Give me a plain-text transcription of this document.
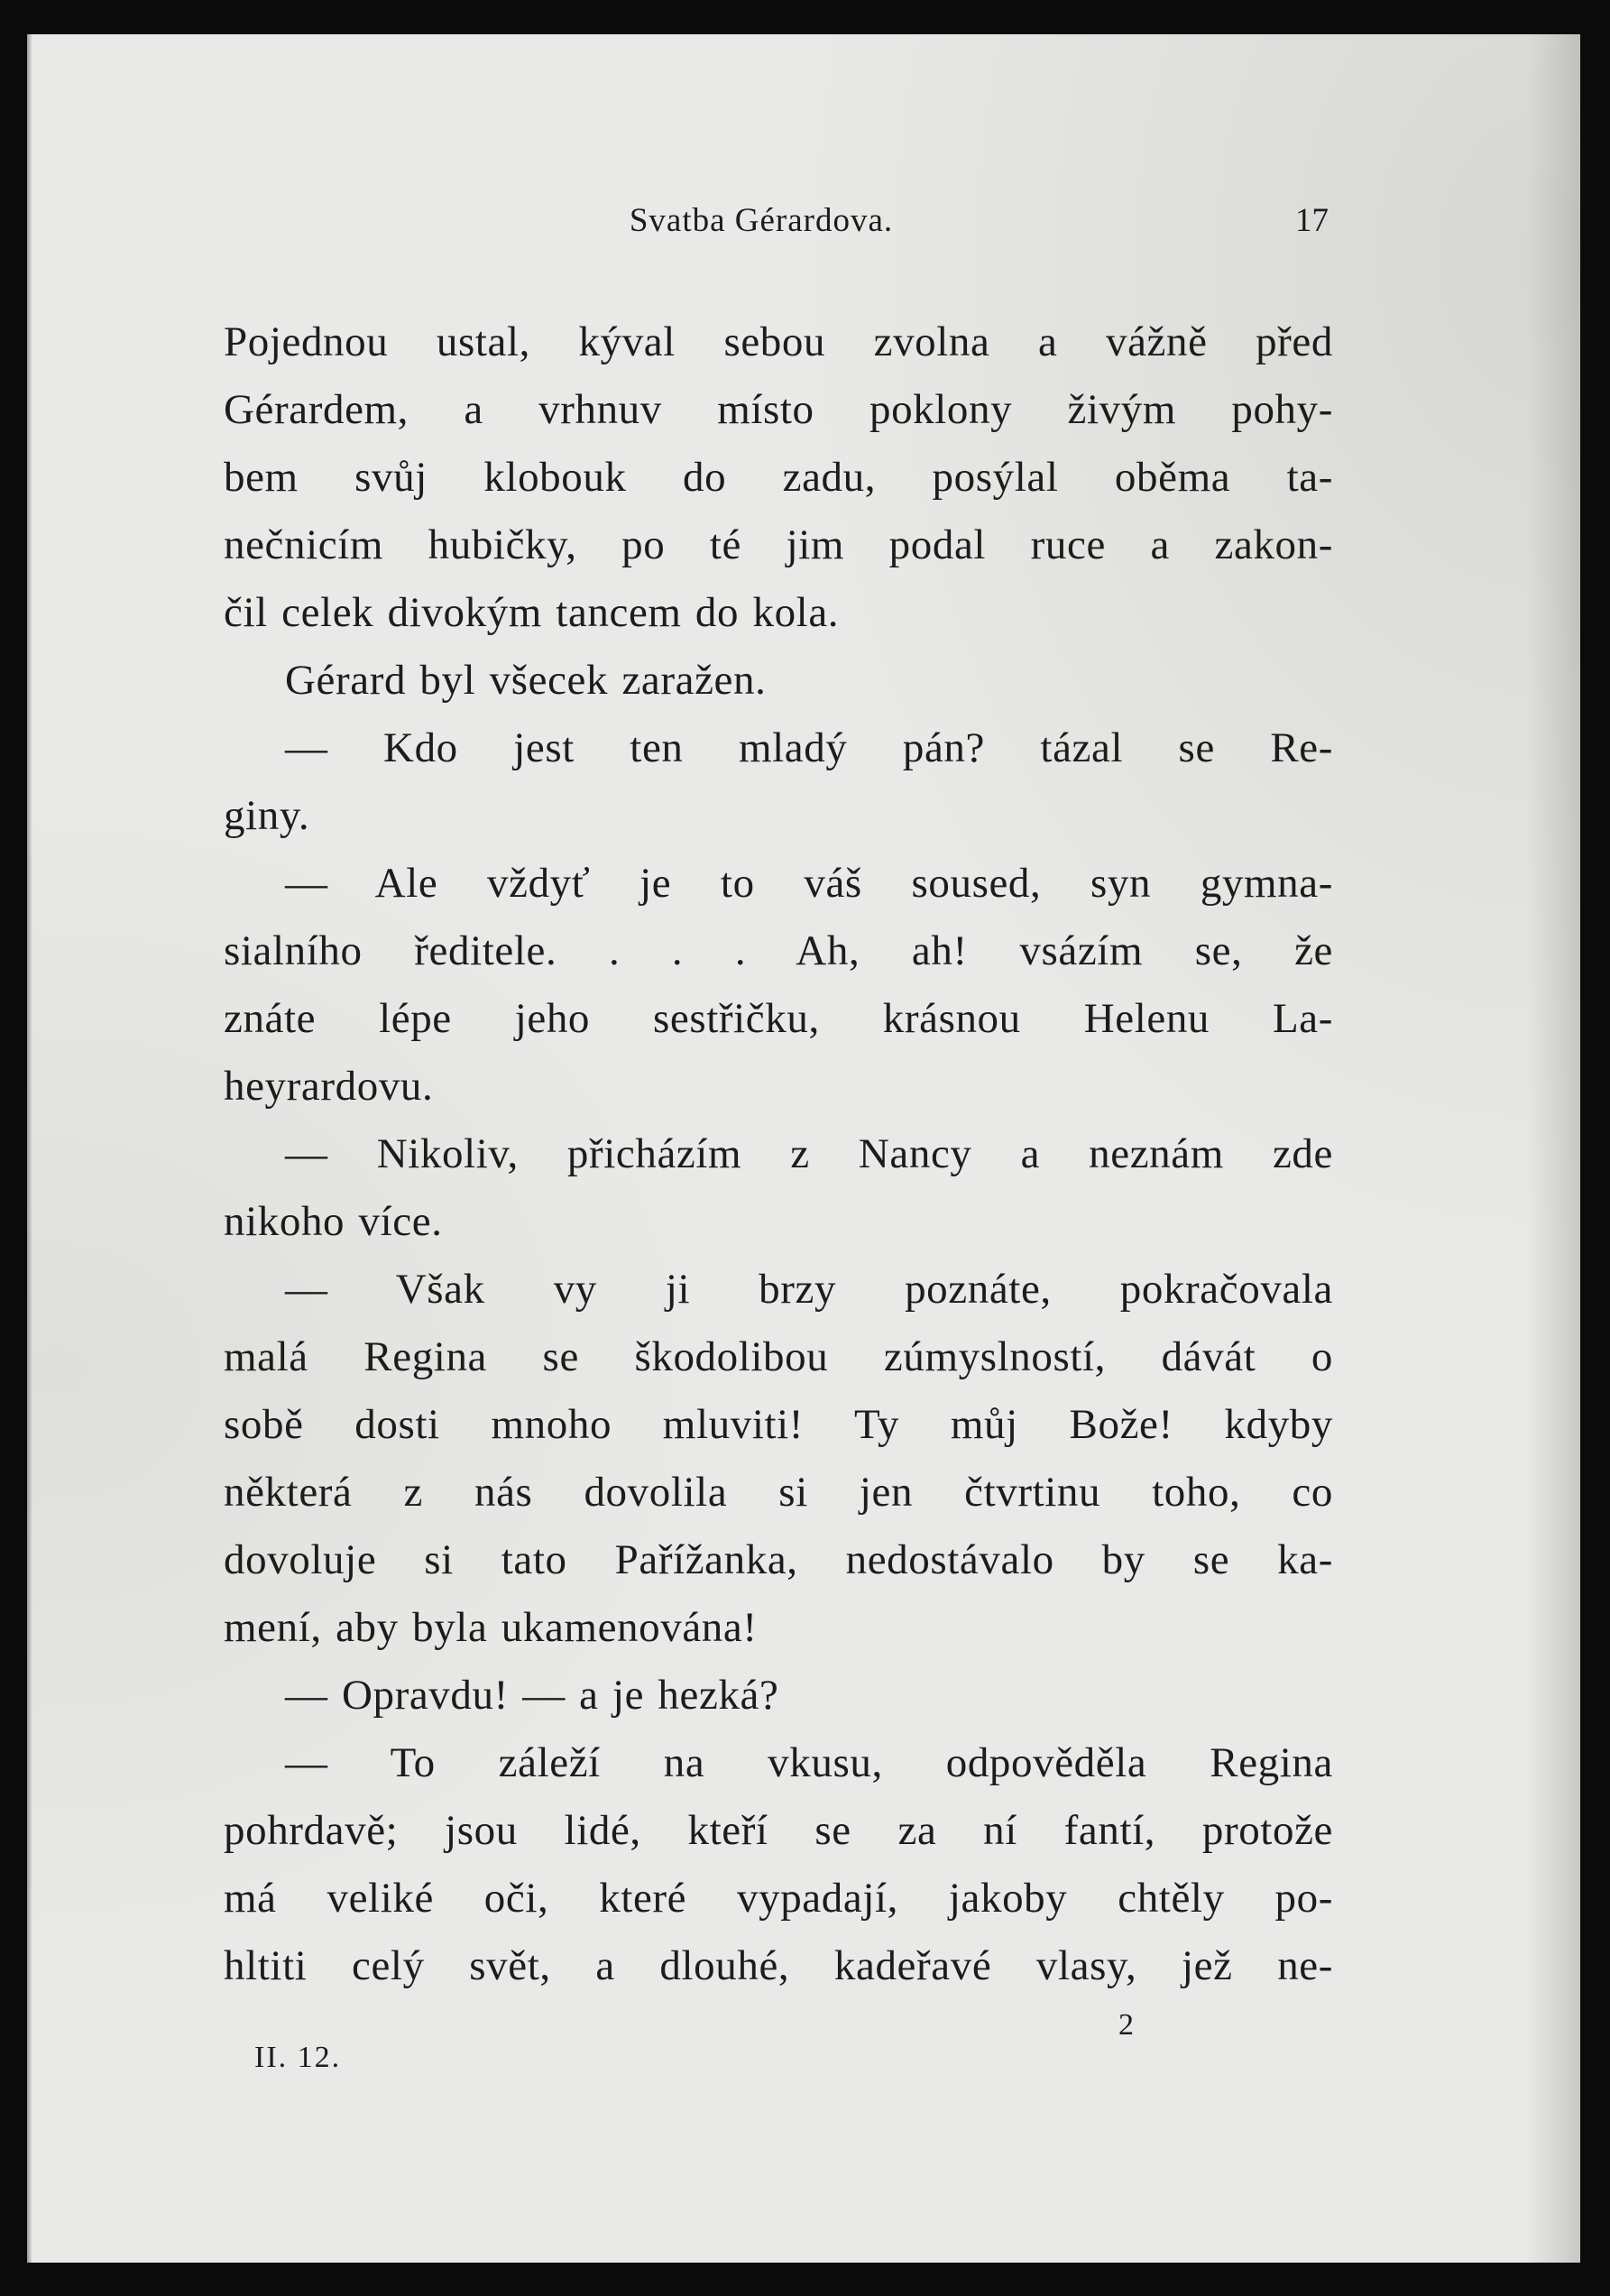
Svatba Gérardova.	17
Pojednou ustal, kýval sebou zvolna a vážně před
Gérardem, a vrhnuv místo poklony živým pohy-
bem svůj klobouk do zadu, posýlal oběma ta-
nečnicím hubičky, po té jim podal ruce a zakon-
čil celek divokým tancem do kola.
Gérard byl všecek zaražen.
— Kdo jest ten mladý pán? tázal se Re-
giny.
— Ale vždyť je to váš soused, syn gymna-
sialního ředitele. . . . Ah, ah! vsázím se, že
znáte lépe jeho sestřičku, krásnou Helenu La-
heyrardovu.
— Nikoliv, přicházím z Nancy a neznám zde
nikoho více.
— Však vy ji brzy poznáte, pokračovala
malá Regina se škodolibou zúmyslností, dávát o
sobě dosti mnoho mluviti! Ty můj Bože! kdyby
některá z nás dovolila si jen čtvrtinu toho, co
dovoluje si tato Pařížanka, nedostávalo by se ka-
mení, aby byla ukamenována!
— Opravdu! — a je hezká?
— To záleží na vkusu, odpověděla Regina
pohrdavě; jsou lidé, kteří se za ní fantí, protože
má veliké oči, které vypadají, jakoby chtěly po-
hltiti celý svět, a dlouhé, kadeřavé vlasy, jež ne-
II. 12.
2
